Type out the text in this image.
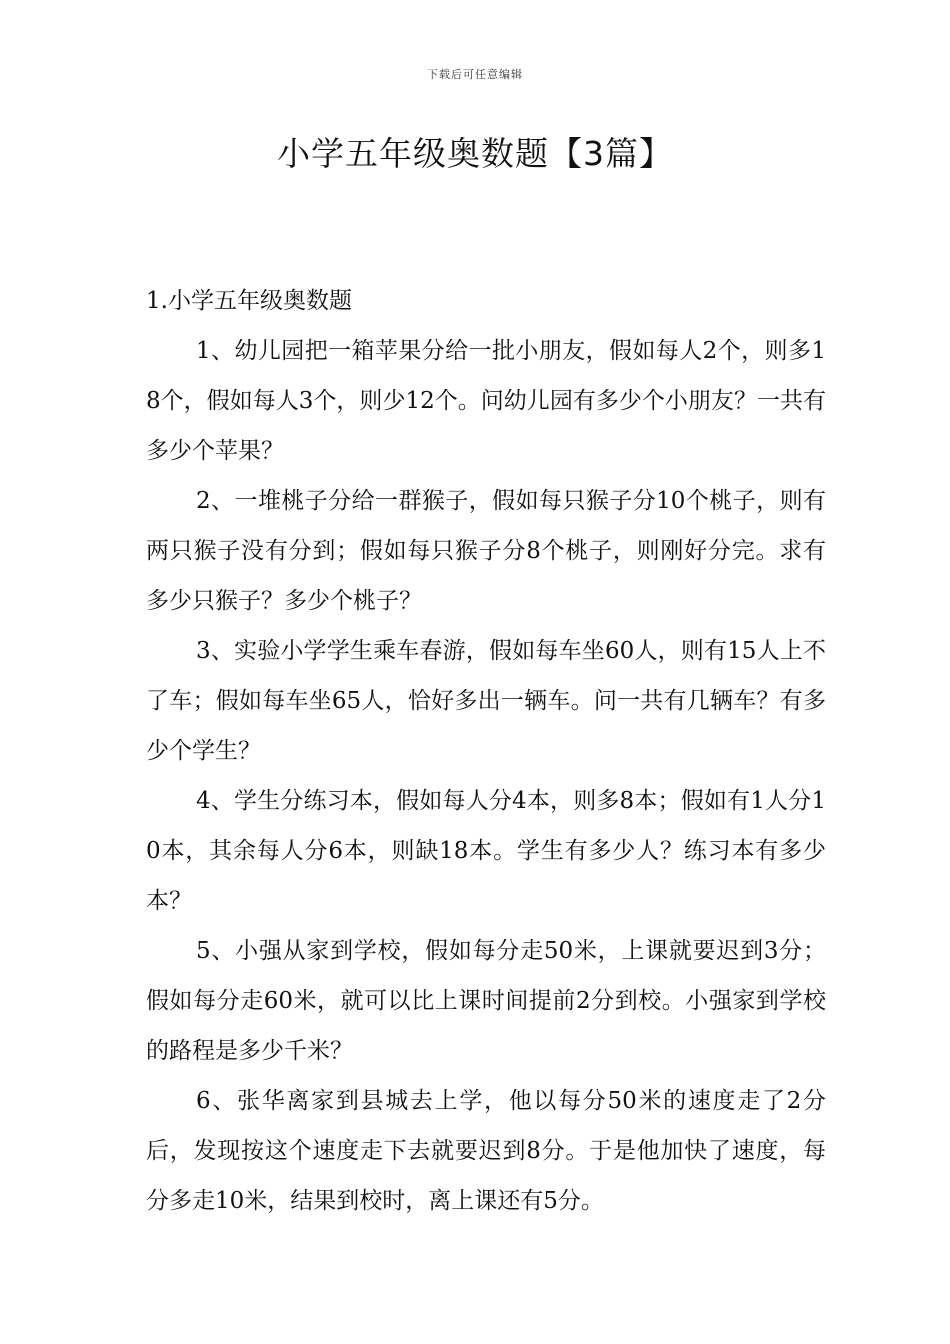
下载后可任意编辑
小学五年级奥数题【3篇】

1.小学五年级奥数题

1、幼儿园把一箱苹果分给一批小朋友，假如每人2个，则多18个，假如每人3个，则少12个。问幼儿园有多少个小朋友？一共有多少个苹果？

2、一堆桃子分给一群猴子，假如每只猴子分10个桃子，则有两只猴子没有分到；假如每只猴子分8个桃子，则刚好分完。求有多少只猴子？多少个桃子？

3、实验小学学生乘车春游，假如每车坐60人，则有15人上不了车；假如每车坐65人，恰好多出一辆车。问一共有几辆车？有多少个学生？

4、学生分练习本，假如每人分4本，则多8本；假如有1人分10本，其余每人分6本，则缺18本。学生有多少人？练习本有多少本？

5、小强从家到学校，假如每分走50米，上课就要迟到3分；假如每分走60米，就可以比上课时间提前2分到校。小强家到学校的路程是多少千米？

6、张华离家到县城去上学，他以每分50米的速度走了2分后，发现按这个速度走下去就要迟到8分。于是他加快了速度，每分多走10米，结果到校时，离上课还有5分。
